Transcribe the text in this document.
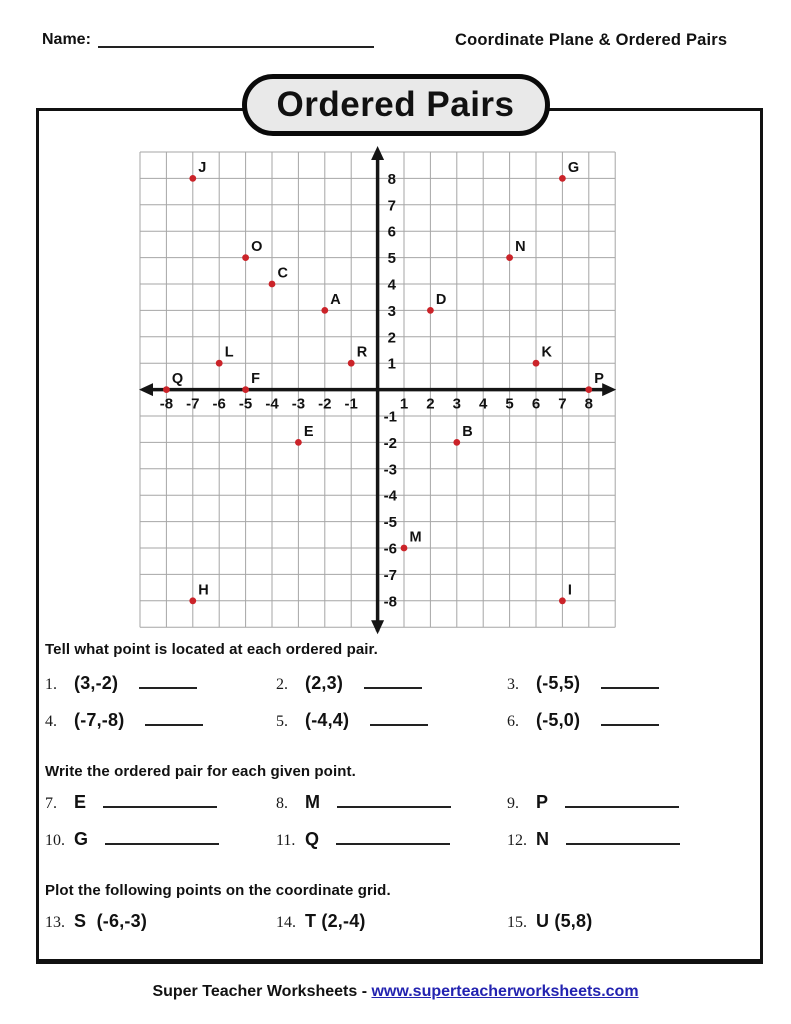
Name:	Coordinate Plane & Ordered Pairs
Ordered Pairs
-8
-8
-7
-7
-6
-6
-5
-5
-4
-4
-3
-3
-2
-2
-1
-1
1
1
2
2
3
3
4
4
5
5
6
6
7
7
8
8
A
B
C
D
E
F
G
H	I
J
K
L
M
N
O
P
Q
R
Tell what point is located at each ordered pair.
1. (3,-2)	2. (2,3)	3. (-5,5)
4. (-7,-8)	5. (-4,4)	6. (-5,0)
Write the ordered pair for each given point.
7. E	8. M	9. P
10. G	11. Q	12. N
Plot the following points on the coordinate grid.
13. S  (-6,-3)	14. T (2,-4)	15. U (5,8)
Super Teacher Worksheets - www.superteacherworksheets.com
